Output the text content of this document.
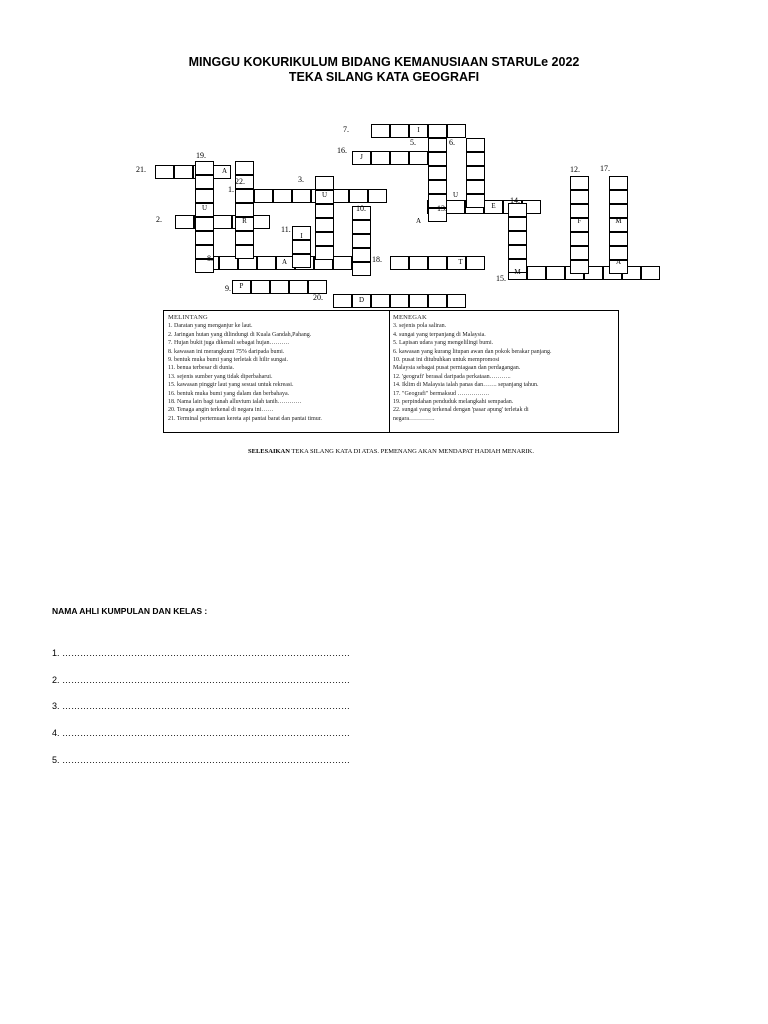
MINGGU KOKURIKULUM BIDANG KEMANUSIAAN STARULe 2022
TEKA SILANG KATA GEOGRAFI
7.
16.
5.	6.
21.
19.
22.
1.
3.
12.	17.
2.
10.	13.
14.
11.
8.	18.
15.
9.
20.
I
J
A
U	U
U
R	A	F	M
I
A	T	A
M
P
D
E
MELINTANG
1. Daratan yang menganjur ke laut.
2. Jaringan hutan yang dilindungi di Kuala Gandah,Pahang.
7. Hujan bukit juga dikenali sebagai hujan……….
8. kawasan ini merangkumi 75% daripada bumi.
9. bentuk muka bumi yang terletak di hilir sungai.
11. benua terbesar di dunia.
13. sejenis sumber yang tidak diperbaharui.
15. kawasan pinggir laut yang sesuai untuk rekreasi.
16. bentuk muka bumi yang dalam dan berbahaya.
18. Nama lain bagi tanah alluvium ialah tanih…………
20. Tenaga angin terkenal di negara ini……
21. Terminal pertemuan kereta api pantai barat dan pantai timur.
MENEGAK
3. sejenis pola saliran.
4. sungai yang terpanjang di Malaysia.
5. Lapisan udara yang mengelilingi bumi.
6. kawasan yang kurang litupan awan dan pokok berakar panjang.
10. pusat ini ditubuhkan untuk mempromosi
Malaysia sebagai pusat perniagaan dan perdagangan.
12. 'geografi' berasal daripada perkataan………..
14. Iklim di Malaysia ialah panas dan……. sepanjang tahun.
17. "Geografi" bermaksud …………….
19. perpindahan penduduk melangkahi sempadan.
22. sungai yang terkenal dengan 'pasar apung' terletak di
negara………….
SELESAIKAN TEKA SILANG KATA DI ATAS. PEMENANG AKAN MENDAPAT HADIAH MENARIK.
NAMA AHLI KUMPULAN DAN KELAS :
1. ……………………………………………………………………………………
2. ……………………………………………………………………………………
3. ……………………………………………………………………………………
4. ……………………………………………………………………………………
5. ……………………………………………………………………………………
